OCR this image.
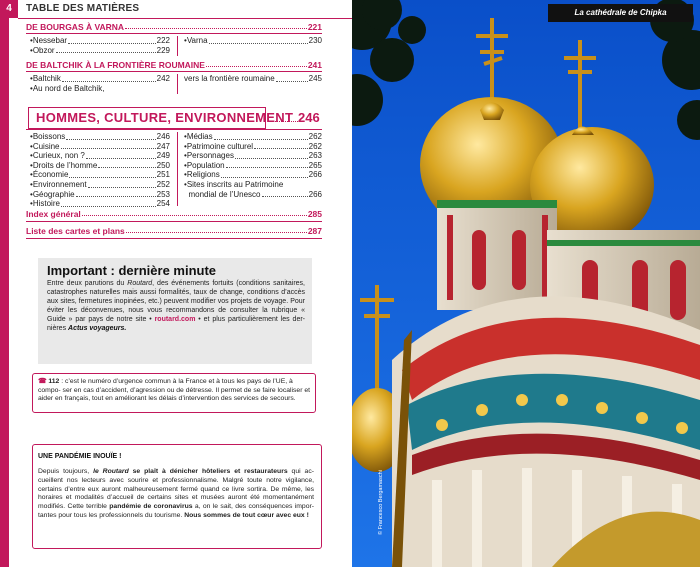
4	TABLE DES MATIÈRES
DE BOURGAS À VARNA	221
• Nessebar	222
• Obzor	229
• Varna	230
DE BALTCHIK À LA FRONTIÈRE ROUMAINE	241
• Baltchik	242
• Au nord de Baltchik,
vers la frontière roumaine	245
HOMMES, CULTURE, ENVIRONNEMENT 246
• Boissons	246
• Cuisine	247
• Curieux, non ?	249
• Droits de l’homme	250
• Économie	251
• Environnement	252
• Géographie	253
• Histoire	254
• Médias	262
• Patrimoine culturel	262
• Personnages	263
• Population	265
• Religions	266
• Sites inscrits au Patrimoine

mondial de l’Unesco	266
Index général	285
Liste des cartes et plans	287
Important : dernière minute
Entre deux parutions du Routard, des événements fortuits (conditions sanitaires, catastrophes naturelles mais aussi formalités, taux de change, conditions d’accès aux sites, fermetures inopinées, etc.) peuvent modifier vos projets de voyage. Pour éviter les déconvenues, nous vous recommandons de consulter la rubrique « Guide » par pays de notre site • routard.com • et plus particulièrement les der- nières Actus voyageurs.
☎ 112 : c’est le numéro d’urgence commun à la France et à tous les pays de l’UE, à compo- ser en cas d’accident, d’agression ou de détresse. Il permet de se faire localiser et aider en français, tout en améliorant les délais d’intervention des services de secours.
UNE PANDÉMIE INOUÏE !
Depuis toujours, le Routard se plaît à dénicher hôteliers et restaurateurs qui ac- cueillent nos lecteurs avec sourire et professionnalisme. Malgré toute notre vigilance, certains d’entre eux auront malheureusement fermé quand ce livre sortira. De même, les horaires et modalités d’accueil de certains sites et musées auront été momentanément modifiés. Cette terrible pandémie de coronavirus a, on le sait, des conséquences impor- tantes pour tous les professionnels du tourisme. Nous sommes de tout cœur avec eux !
La cathédrale de Chipka
© Francesco Bergamaschi
